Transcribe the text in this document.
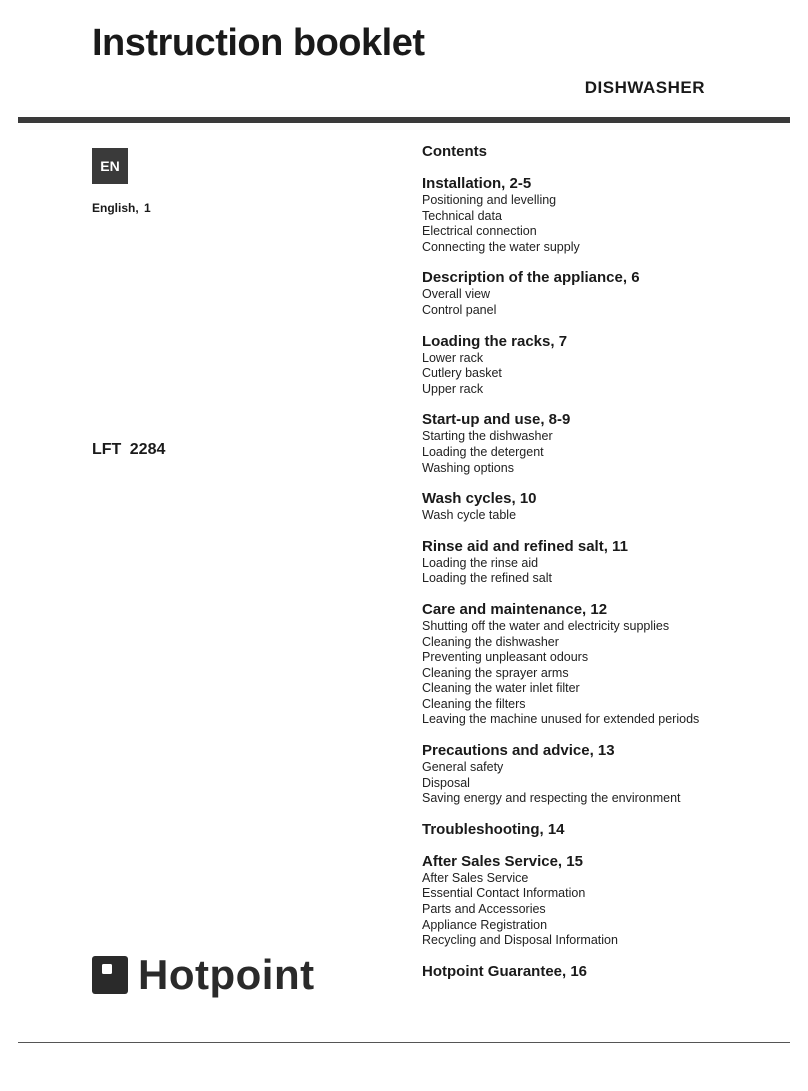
Instruction booklet
DISHWASHER
EN
English, 1
LFT 2284
Hotpoint
Contents
Installation, 2-5
Positioning and levelling
Technical data
Electrical connection
Connecting the water supply
Description of the appliance, 6
Overall view
Control panel
Loading the racks, 7
Lower rack
Cutlery basket
Upper rack
Start-up and use, 8-9
Starting the dishwasher
Loading the detergent
Washing options
Wash cycles, 10
Wash cycle table
Rinse aid and refined salt, 11
Loading the rinse aid
Loading the refined salt
Care and maintenance, 12
Shutting off the water and electricity supplies
Cleaning the dishwasher
Preventing unpleasant odours
Cleaning the sprayer arms
Cleaning the water inlet filter
Cleaning the filters
Leaving the machine unused for extended periods
Precautions and advice, 13
General safety
Disposal
Saving energy and respecting the environment
Troubleshooting, 14
After Sales Service, 15
After Sales Service
Essential Contact Information
Parts and Accessories
Appliance Registration
Recycling and Disposal Information
Hotpoint Guarantee, 16
